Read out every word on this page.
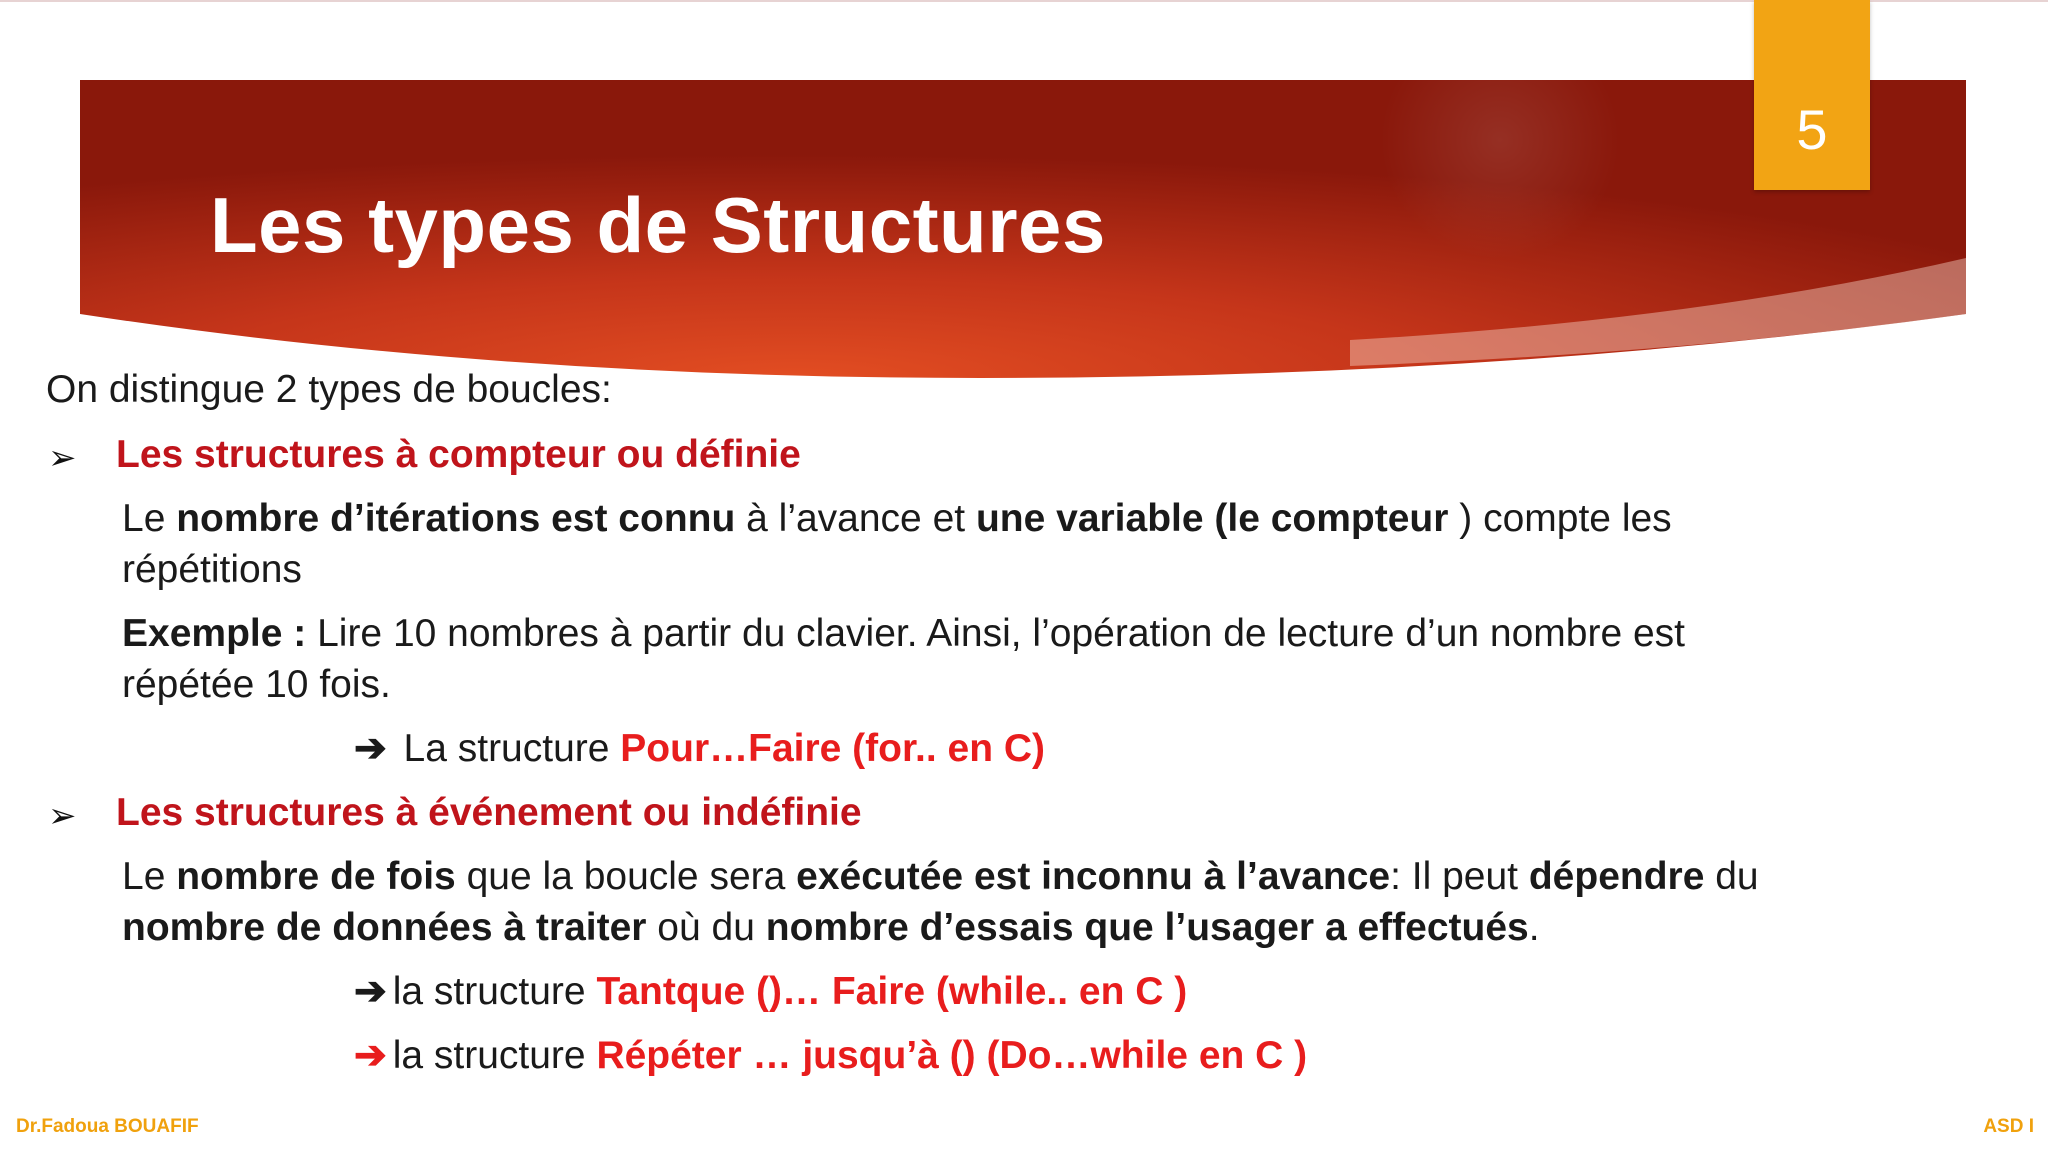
Les types de Structures
5
On distingue 2 types de boucles:
➢ Les structures à compteur ou définie
Le nombre d’itérations est connu à l’avance et une variable (le compteur ) compte les
répétitions
Exemple : Lire 10 nombres à partir du clavier. Ainsi, l’opération de lecture d’un nombre est
répétée 10 fois.
➔ La structure Pour…Faire (for.. en C)
➢ Les structures à événement ou indéfinie
Le nombre de fois que la boucle sera exécutée est inconnu à l’avance: Il peut dépendre du
nombre de données à traiter où du nombre d’essais que l’usager a effectués.
➔ la structure Tantque ()… Faire (while.. en C )
➔ la structure Répéter … jusqu’à () (Do…while en C )
Dr.Fadoua BOUAFIF	ASD I
